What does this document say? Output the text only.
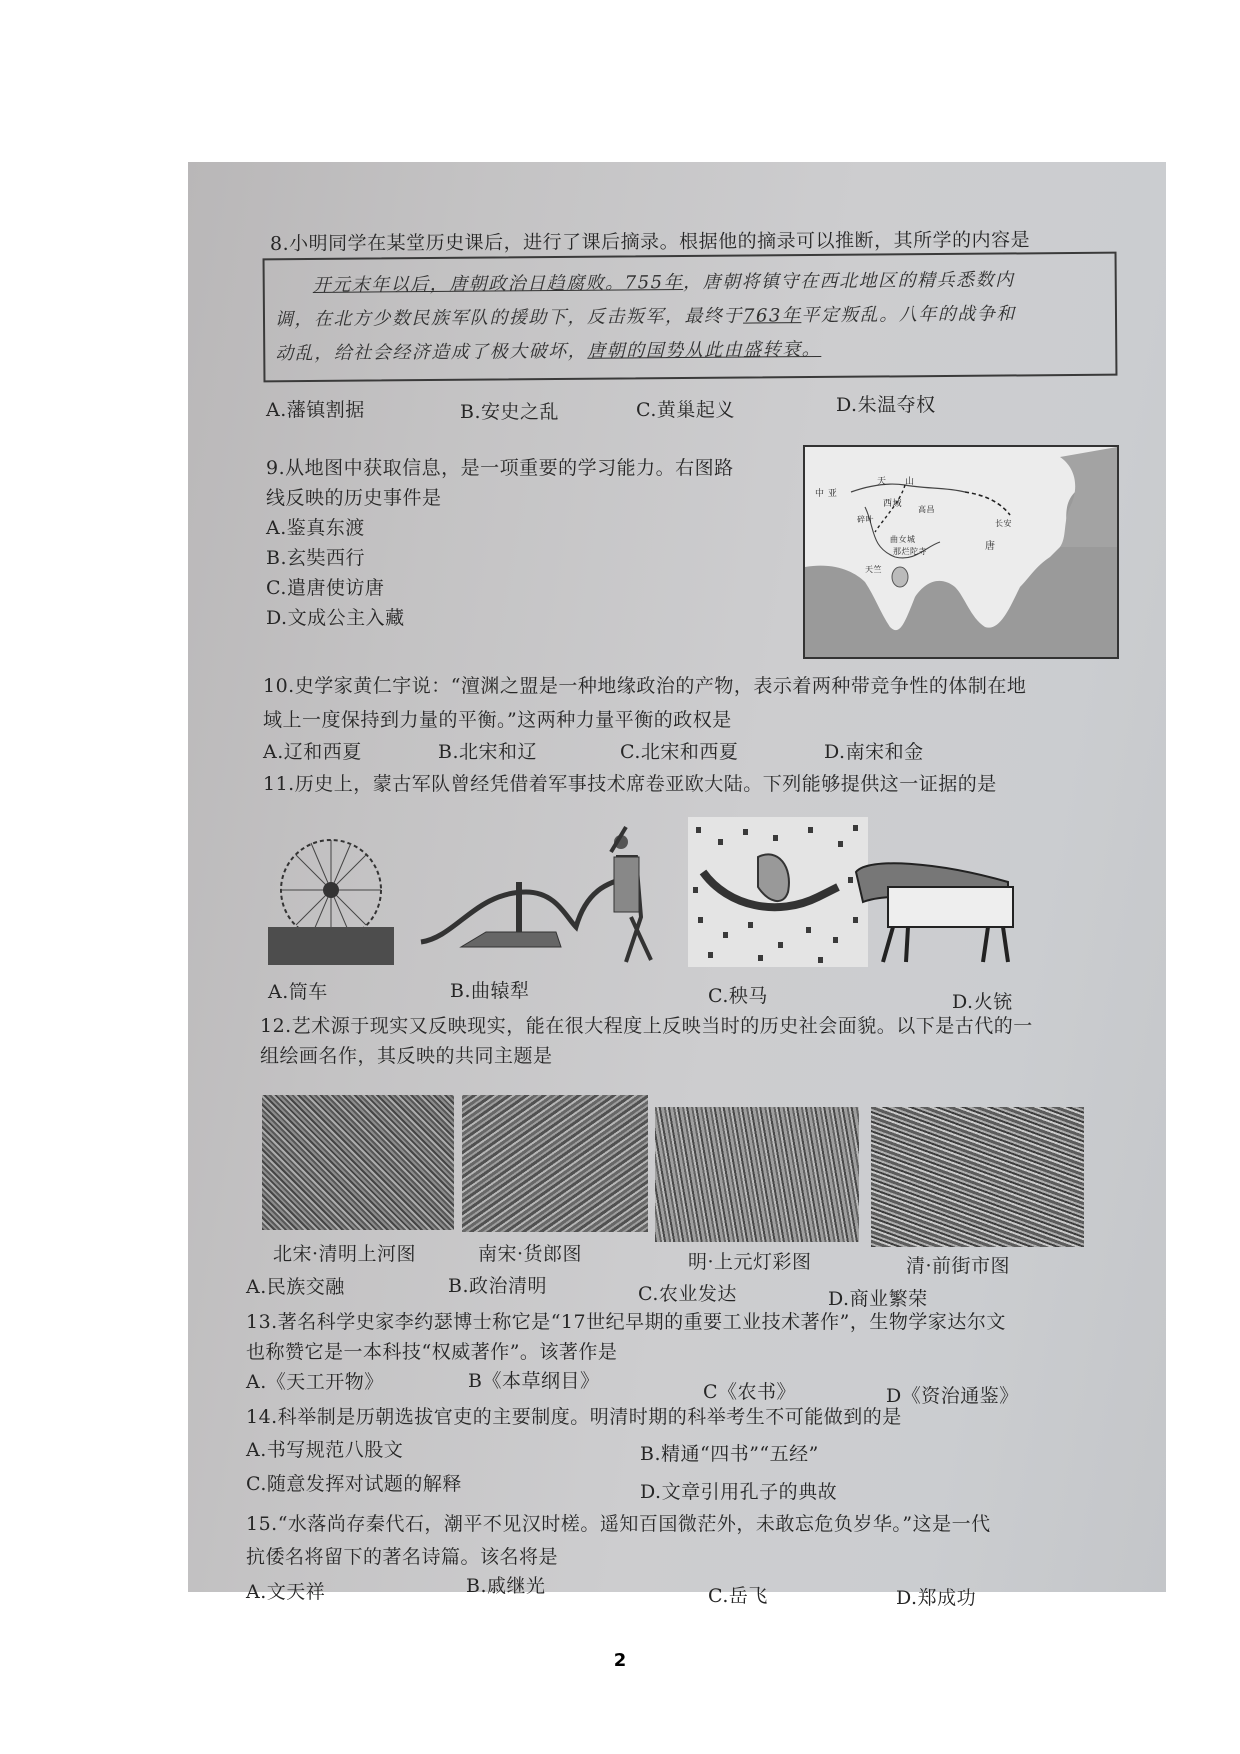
8.小明同学在某堂历史课后，进行了课后摘录。根据他的摘录可以推断，其所学的内容是
开元末年以后，唐朝政治日趋腐败。755年，唐朝将镇守在西北地区的精兵悉数内
调，在北方少数民族军队的援助下，反击叛军，最终于763年平定叛乱。八年的战争和
动乱，给社会经济造成了极大破坏，唐朝的国势从此由盛转衰。
A.藩镇割据	B.安史之乱	C.黄巢起义	D.朱温夺权
9.从地图中获取信息，是一项重要的学习能力。右图路
线反映的历史事件是
A.鉴真东渡
B.玄奘西行
C.遣唐使访唐
D.文成公主入藏
天 山
中 亚
西域
碎叶
高昌
长安
唐
曲女城
那烂陀寺
天竺
10.史学家黄仁宇说：“澶渊之盟是一种地缘政治的产物，表示着两种带竞争性的体制在地
域上一度保持到力量的平衡。”这两种力量平衡的政权是
A.辽和西夏	B.北宋和辽	C.北宋和西夏	D.南宋和金
11.历史上，蒙古军队曾经凭借着军事技术席卷亚欧大陆。下列能够提供这一证据的是
A.筒车	B.曲辕犁	C.秧马	D.火铳
12.艺术源于现实又反映现实，能在很大程度上反映当时的历史社会面貌。以下是古代的一
组绘画名作，其反映的共同主题是
北宋·清明上河图	南宋·货郎图	明·上元灯彩图	清·前街市图
A.民族交融	B.政治清明	C.农业发达	D.商业繁荣
13.著名科学史家李约瑟博士称它是“17世纪早期的重要工业技术著作”，生物学家达尔文
也称赞它是一本科技“权威著作”。该著作是
A.《天工开物》	B《本草纲目》	C《农书》	D《资治通鉴》
14.科举制是历朝选拔官吏的主要制度。明清时期的科举考生不可能做到的是
A.书写规范八股文	B.精通“四书”“五经”
C.随意发挥对试题的解释	D.文章引用孔子的典故
15.“水落尚存秦代石，潮平不见汉时槎。遥知百国微茫外，未敢忘危负岁华。”这是一代
抗倭名将留下的著名诗篇。该名将是
A.文天祥	B.戚继光	C.岳飞	D.郑成功
2
